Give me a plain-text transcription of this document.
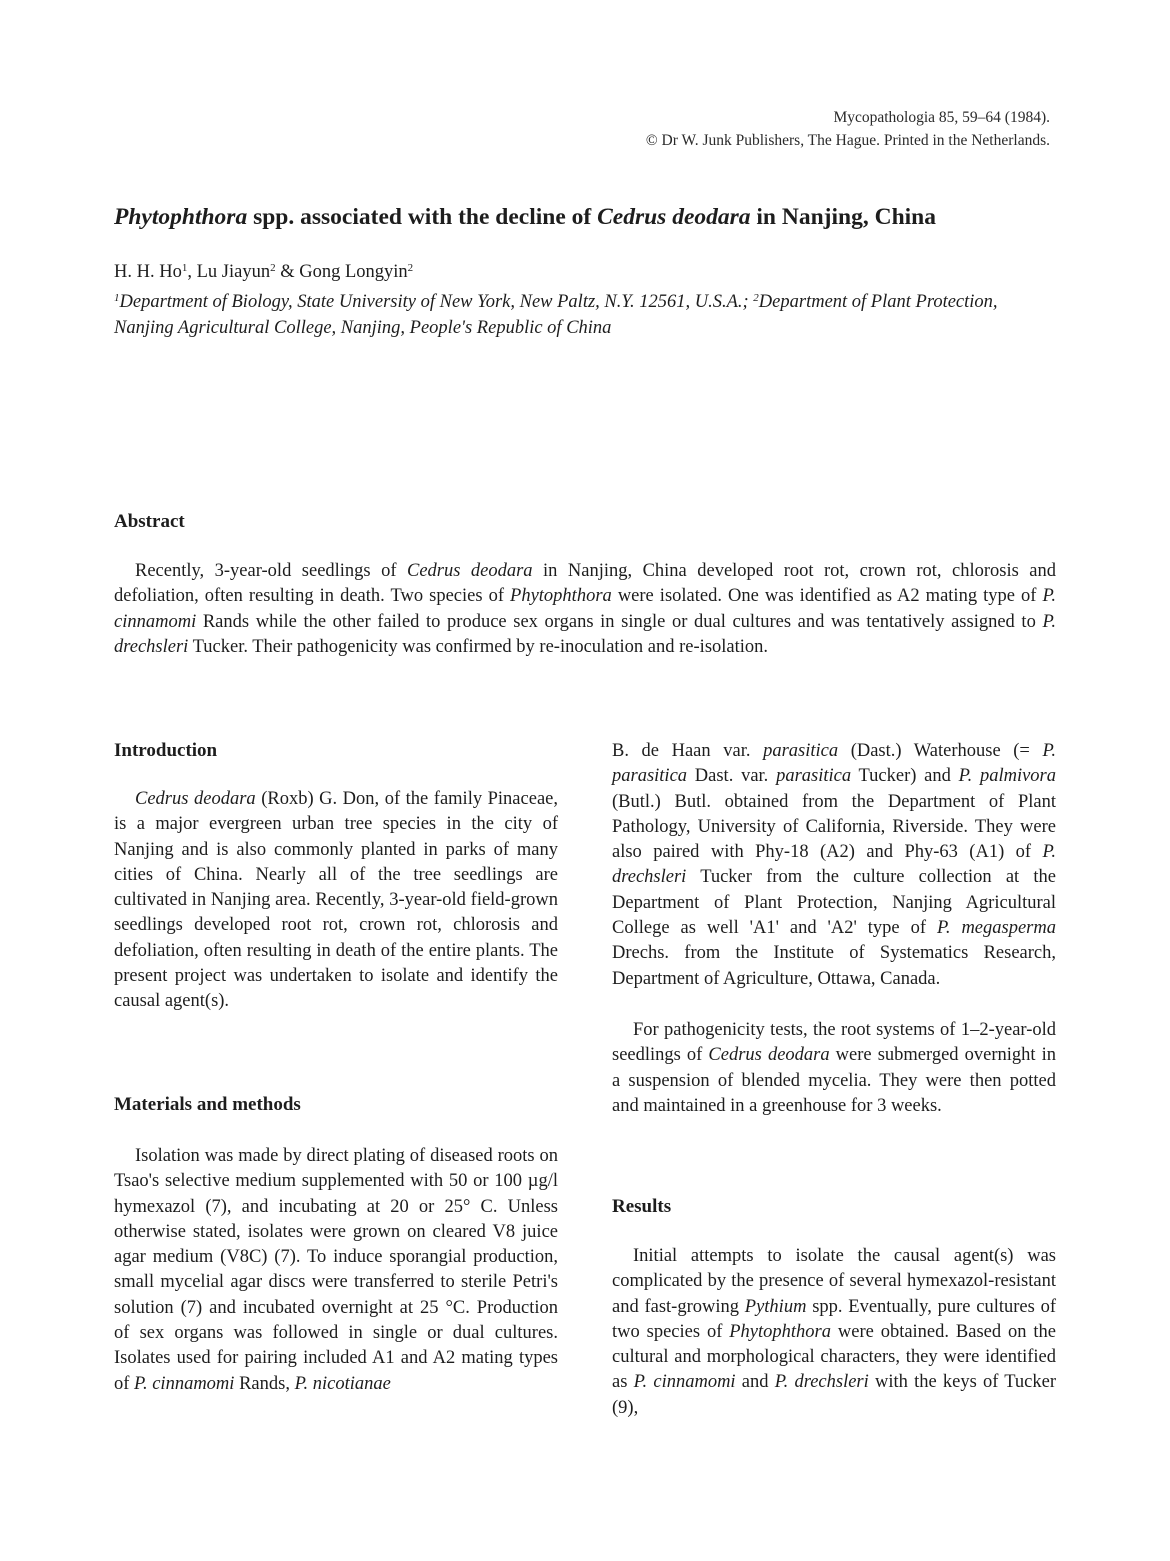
Mycopathologia 85, 59–64 (1984).
© Dr W. Junk Publishers, The Hague. Printed in the Netherlands.
Phytophthora spp. associated with the decline of Cedrus deodara in Nanjing, China
H. H. Ho$^1$, Lu Jiayun$^2$ & Gong Longyin$^2$
$^1$Department of Biology, State University of New York, New Paltz, N.Y. 12561, U.S.A.; $^2$Department of Plant Protection, Nanjing Agricultural College, Nanjing, People's Republic of China
Abstract
Recently, 3-year-old seedlings of Cedrus deodara in Nanjing, China developed root rot, crown rot, chlorosis and defoliation, often resulting in death. Two species of Phytophthora were isolated. One was identified as A2 mating type of P. cinnamomi Rands while the other failed to produce sex organs in single or dual cultures and was tentatively assigned to P. drechsleri Tucker. Their pathogenicity was confirmed by re-inoculation and re-isolation.
Introduction
Cedrus deodara (Roxb) G. Don, of the family Pinaceae, is a major evergreen urban tree species in the city of Nanjing and is also commonly planted in parks of many cities of China. Nearly all of the tree seedlings are cultivated in Nanjing area. Recently, 3-year-old field-grown seedlings developed root rot, crown rot, chlorosis and defoliation, often resulting in death of the entire plants. The present project was undertaken to isolate and identify the causal agent(s).
Materials and methods
Isolation was made by direct plating of diseased roots on Tsao's selective medium supplemented with 50 or 100 µg/l hymexazol (7), and incubating at 20 or 25° C. Unless otherwise stated, isolates were grown on cleared V8 juice agar medium (V8C) (7). To induce sporangial production, small mycelial agar discs were transferred to sterile Petri's solution (7) and incubated overnight at 25 °C. Production of sex organs was followed in single or dual cultures. Isolates used for pairing included A1 and A2 mating types of P. cinnamomi Rands, P. nicotianae
B. de Haan var. parasitica (Dast.) Waterhouse (= P. parasitica Dast. var. parasitica Tucker) and P. palmivora (Butl.) Butl. obtained from the Department of Plant Pathology, University of California, Riverside. They were also paired with Phy-18 (A2) and Phy-63 (A1) of P. drechsleri Tucker from the culture collection at the Department of Plant Protection, Nanjing Agricultural College as well 'A1' and 'A2' type of P. megasperma Drechs. from the Institute of Systematics Research, Department of Agriculture, Ottawa, Canada.
For pathogenicity tests, the root systems of 1–2-year-old seedlings of Cedrus deodara were submerged overnight in a suspension of blended mycelia. They were then potted and maintained in a greenhouse for 3 weeks.
Results
Initial attempts to isolate the causal agent(s) was complicated by the presence of several hymexazol-resistant and fast-growing Pythium spp. Eventually, pure cultures of two species of Phytophthora were obtained. Based on the cultural and morphological characters, they were identified as P. cinnamomi and P. drechsleri with the keys of Tucker (9),
